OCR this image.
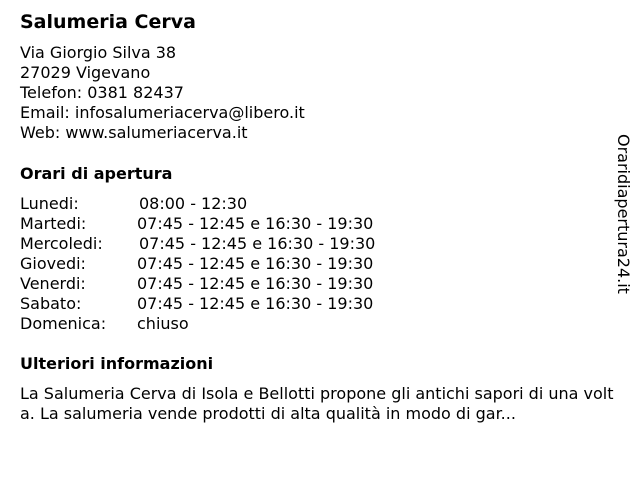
Salumeria Cerva
Via Giorgio Silva 38
27029 Vigevano
Telefon: 0381 82437
Email: infosalumeriacerva@libero.it
Web: www.salumeriacerva.it
Orari di apertura
Lunedi:	08:00 - 12:30
Martedi:	07:45 - 12:45 e 16:30 - 19:30
Mercoledi: 07:45 - 12:45 e 16:30 - 19:30
Giovedi:	07:45 - 12:45 e 16:30 - 19:30
Venerdi:	07:45 - 12:45 e 16:30 - 19:30
Sabato:	07:45 - 12:45 e 16:30 - 19:30
Domenica: chiuso
Ulteriori informazioni
La Salumeria Cerva di Isola e Bellotti propone gli antichi sapori di una volta. La salumeria vende prodotti di alta qualità in modo di gar...
Oraridiapertura24.it
